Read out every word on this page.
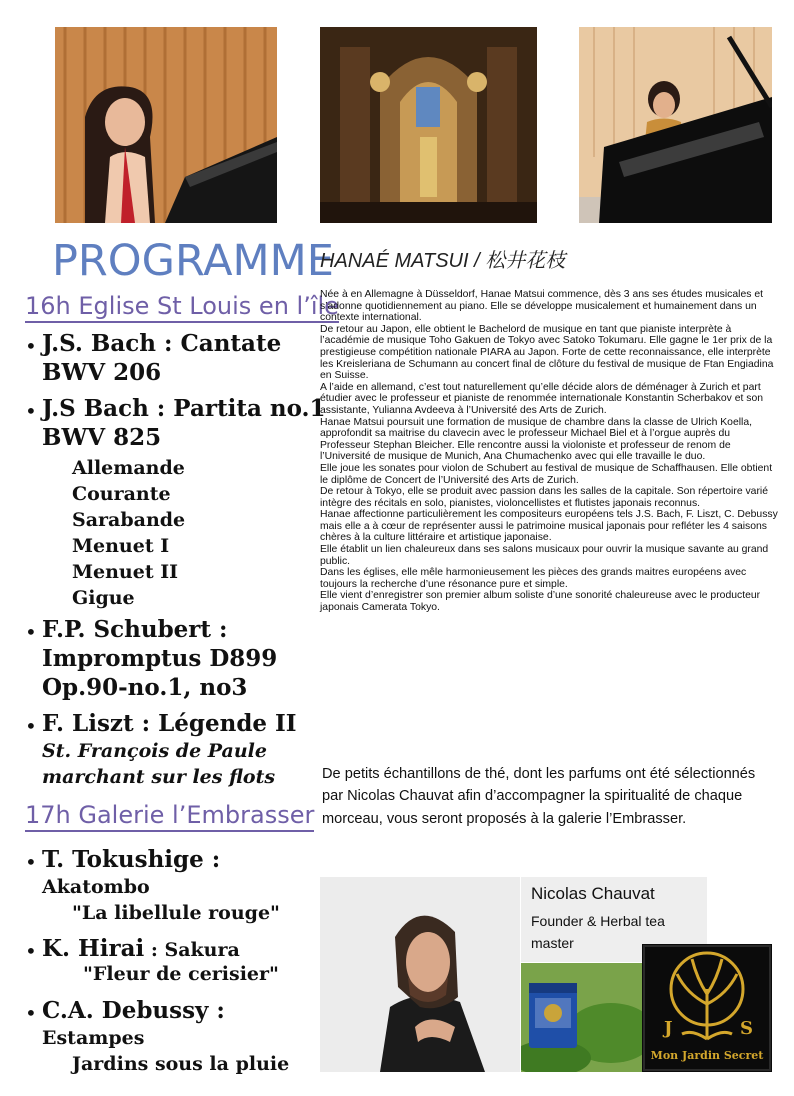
PROGRAMME
16h Eglise St Louis en l’île
• J.S. Bach : Cantate
BWV 206
• J.S Bach : Partita no.1
BWV 825
Allemande
Courante
Sarabande
Menuet I
Menuet II
Gigue
• F.P. Schubert :
Impromptus D899
Op.90-no.1, no3
• F. Liszt : Légende II
St. François de Paule
marchant sur les flots
17h Galerie l’Embrasser
• T. Tokushige :
Akatombo
"La libellule rouge"
• K. Hirai : Sakura
"Fleur de cerisier"
• C.A. Debussy :
Estampes
Jardins sous la pluie
HANAÉ MATSUI / 松井花枝

Née à en Allemagne à Düsseldorf, Hanae Matsui commence, dès 3 ans ses études musicales et s’adonne quotidiennement au piano. Elle se développe musicalement et humainement dans un contexte international.

De retour au Japon, elle obtient le Bachelord de musique en tant que pianiste interprète à l’académie de musique Toho Gakuen de Tokyo avec Satoko Tokumaru. Elle gagne le 1er prix de la prestigieuse compétition nationale PIARA au Japon. Forte de cette reconnaissance, elle interprète les Kreisleriana de Schumann au concert final de clôture du festival de musique de Ftan Engiadina en Suisse.

A l’aide en allemand, c’est tout naturellement qu’elle décide alors de déménager à Zurich et part étudier avec le professeur et pianiste de renommée internationale Konstantin Scherbakov et son assistante, Yulianna Avdeeva à l’Université des Arts de Zurich.

Hanae Matsui poursuit une formation de musique de chambre dans la classe de Ulrich Koella, approfondit sa maitrise du clavecin avec le professeur Michael Biel et à l’orgue auprès du Professeur Stephan Bleicher. Elle rencontre aussi la violoniste et professeur de renom de l’Université de musique de Munich, Ana Chumachenko avec qui elle travaille le duo.

Elle joue les sonates pour violon de Schubert au festival de musique de Schaffhausen. Elle obtient le diplôme de Concert de l’Université des Arts de Zurich.

De retour à Tokyo, elle se produit avec passion dans les salles de la capitale. Son répertoire varié intègre des récitals en solo, pianistes, violoncellistes et flutistes japonais reconnus.

Hanae affectionne particulièrement les compositeurs européens tels J.S. Bach, F. Liszt, C. Debussy mais elle a à cœur de représenter aussi le patrimoine musical japonais pour refléter les 4 saisons chères à la culture littéraire et artistique japonaise.

Elle établit un lien chaleureux dans ses salons musicaux pour ouvrir la musique savante au grand public.

Dans les églises, elle mêle harmonieusement les pièces des grands maitres européens avec toujours la recherche d’une résonance pure et simple.

Elle vient d’enregistrer son premier album soliste d’une sonorité chaleureuse avec le producteur japonais Camerata Tokyo.

De petits échantillons de thé, dont les parfums ont été sélectionnés par Nicolas Chauvat afin d’accompagner la spiritualité de chaque morceau, vous seront proposés à la galerie l’Embrasser.
Nicolas Chauvat
Founder & Herbal tea master
J	S
Mon Jardin Secret
